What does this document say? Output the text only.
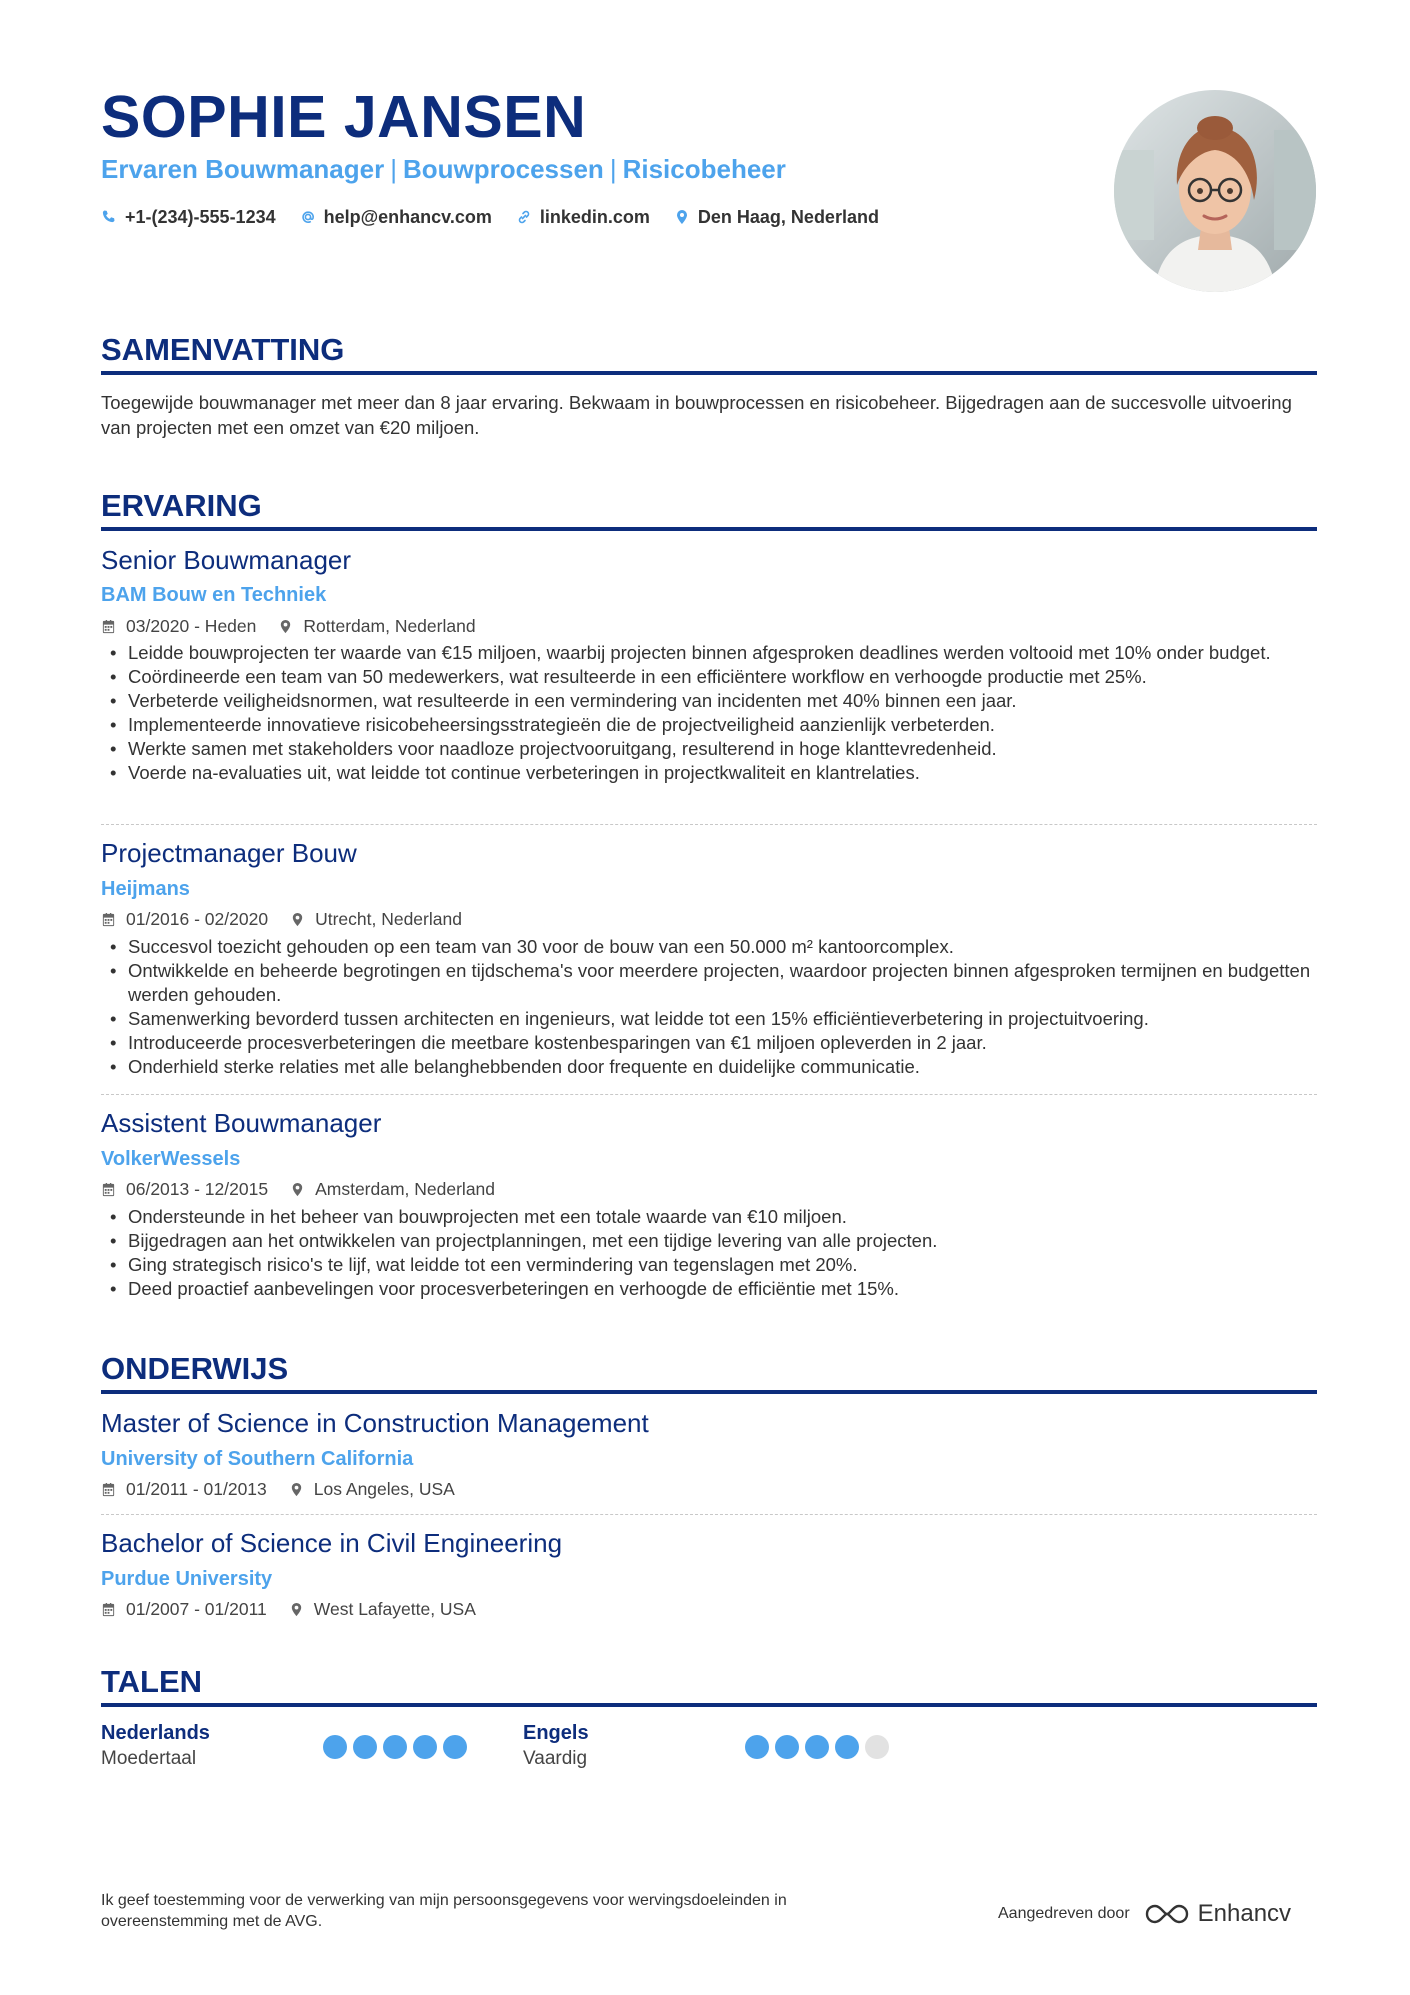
SOPHIE JANSEN
Ervaren Bouwmanager | Bouwprocessen | Risicobeheer
+1-(234)-555-1234	help@enhancv.com	linkedin.com	Den Haag, Nederland
SAMENVATTING
Toegewijde bouwmanager met meer dan 8 jaar ervaring. Bekwaam in bouwprocessen en risicobeheer. Bijgedragen aan de succesvolle uitvoering van projecten met een omzet van €20 miljoen.
ERVARING
Senior Bouwmanager
BAM Bouw en Techniek
03/2020 - Heden	Rotterdam, Nederland
• Leidde bouwprojecten ter waarde van €15 miljoen, waarbij projecten binnen afgesproken deadlines werden voltooid met 10% onder budget.
• Coördineerde een team van 50 medewerkers, wat resulteerde in een efficiëntere workflow en verhoogde productie met 25%.
• Verbeterde veiligheidsnormen, wat resulteerde in een vermindering van incidenten met 40% binnen een jaar.
• Implementeerde innovatieve risicobeheersingsstrategieën die de projectveiligheid aanzienlijk verbeterden.
• Werkte samen met stakeholders voor naadloze projectvooruitgang, resulterend in hoge klanttevredenheid.
• Voerde na-evaluaties uit, wat leidde tot continue verbeteringen in projectkwaliteit en klantrelaties.
Projectmanager Bouw
Heijmans
01/2016 - 02/2020	Utrecht, Nederland
• Succesvol toezicht gehouden op een team van 30 voor de bouw van een 50.000 m² kantoorcomplex.
• Ontwikkelde en beheerde begrotingen en tijdschema's voor meerdere projecten, waardoor projecten binnen afgesproken termijnen en budgetten werden gehouden.
• Samenwerking bevorderd tussen architecten en ingenieurs, wat leidde tot een 15% efficiëntieverbetering in projectuitvoering.
• Introduceerde procesverbeteringen die meetbare kostenbesparingen van €1 miljoen opleverden in 2 jaar.
• Onderhield sterke relaties met alle belanghebbenden door frequente en duidelijke communicatie.
Assistent Bouwmanager
VolkerWessels
06/2013 - 12/2015	Amsterdam, Nederland
• Ondersteunde in het beheer van bouwprojecten met een totale waarde van €10 miljoen.
• Bijgedragen aan het ontwikkelen van projectplanningen, met een tijdige levering van alle projecten.
• Ging strategisch risico's te lijf, wat leidde tot een vermindering van tegenslagen met 20%.
• Deed proactief aanbevelingen voor procesverbeteringen en verhoogde de efficiëntie met 15%.
ONDERWIJS
Master of Science in Construction Management
University of Southern California
01/2011 - 01/2013	Los Angeles, USA
Bachelor of Science in Civil Engineering
Purdue University
01/2007 - 01/2011	West Lafayette, USA
TALEN
Nederlands
Moedertaal
Engels
Vaardig
Ik geef toestemming voor de verwerking van mijn persoonsgegevens voor wervingsdoeleinden in overeenstemming met de AVG.	Aangedreven door	Enhancv
